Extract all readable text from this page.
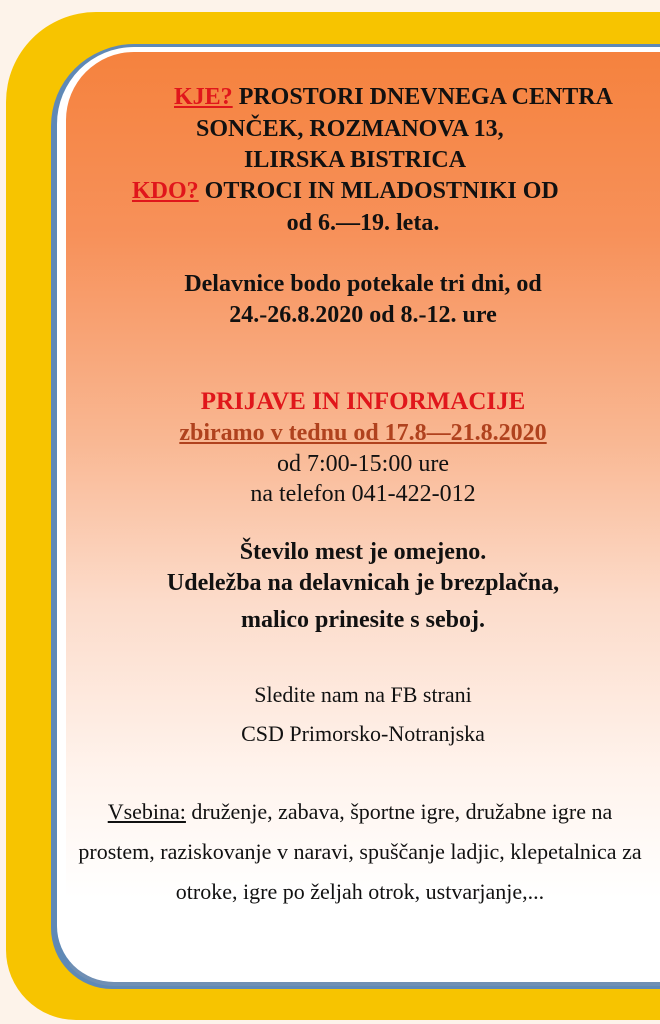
KJE? PROSTORI DNEVNEGA CENTRA
SONČEK, ROZMANOVA 13,
ILIRSKA BISTRICA
KDO? OTROCI IN MLADOSTNIKI OD
od 6.—19. leta.
Delavnice bodo potekale tri dni, od
24.-26.8.2020 od 8.-12. ure
PRIJAVE IN INFORMACIJE
zbiramo v tednu od 17.8—21.8.2020
od 7:00-15:00 ure
na telefon 041-422-012
Število mest je omejeno.
Udeležba na delavnicah je brezplačna,
malico prinesite s seboj.
Sledite nam na FB strani
CSD Primorsko-Notranjska
Vsebina: druženje, zabava, športne igre, družabne igre na prostem, raziskovanje v naravi, spuščanje ladjic, klepetalnica za otroke, igre po željah otrok, ustvarjanje,...
